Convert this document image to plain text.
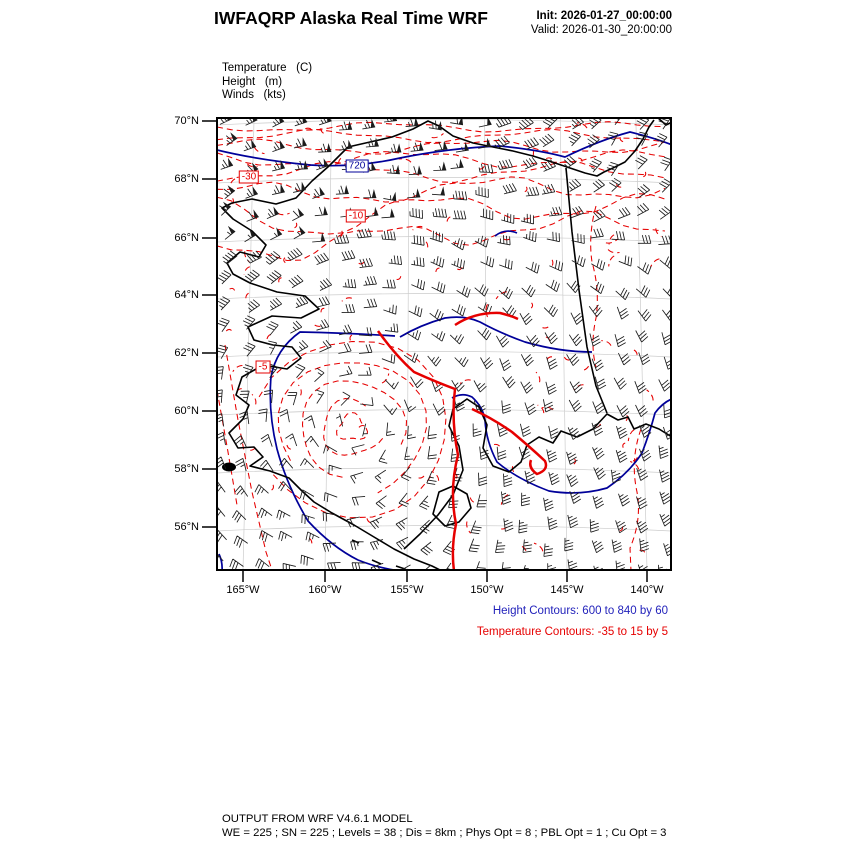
IWFAQRP Alaska Real Time WRF	Init: 2026-01-27_00:00:00
Valid: 2026-01-30_20:00:00
Temperature   (C)
Height   (m)
Winds   (kts)
70°N
68°N
66°N
64°N
62°N
60°N
58°N
56°N
165°W	160°W	155°W	150°W	145°W	140°W
-30
720
-10
-5
Height Contours: 600 to 840 by 60
Temperature Contours: -35 to 15 by 5
OUTPUT FROM WRF V4.6.1 MODEL
WE = 225 ; SN = 225 ; Levels = 38 ; Dis = 8km ; Phys Opt = 8 ; PBL Opt = 1 ; Cu Opt = 3
